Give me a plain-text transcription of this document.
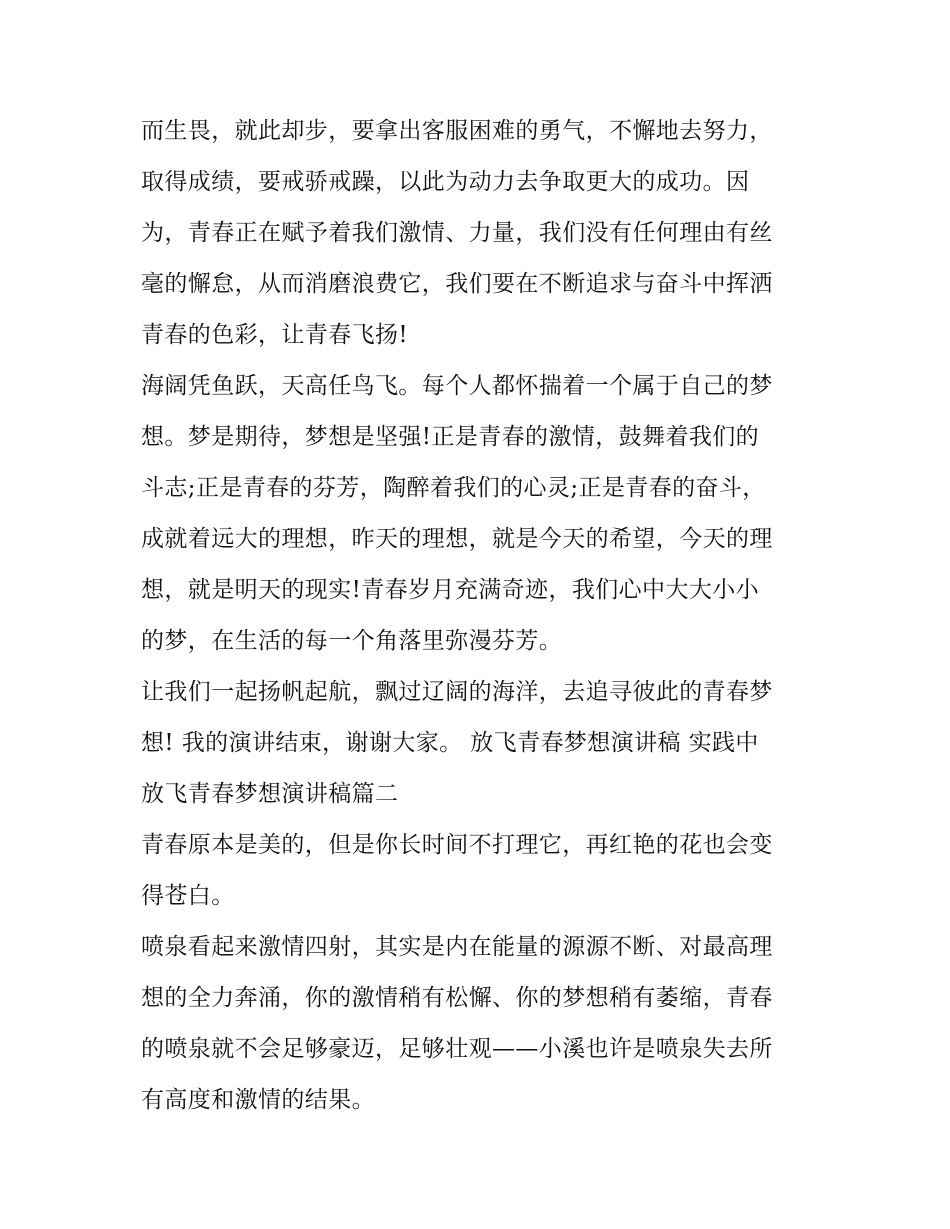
而生畏，就此却步，要拿出客服困难的勇气，不懈地去努力，
取得成绩，要戒骄戒躁，以此为动力去争取更大的成功。因
为，青春正在赋予着我们激情、力量，我们没有任何理由有丝
毫的懈怠，从而消磨浪费它，我们要在不断追求与奋斗中挥洒
青春的色彩，让青春飞扬!
海阔凭鱼跃，天高任鸟飞。每个人都怀揣着一个属于自己的梦
想。梦是期待，梦想是坚强!正是青春的激情，鼓舞着我们的
斗志;正是青春的芬芳，陶醉着我们的心灵;正是青春的奋斗，
成就着远大的理想，昨天的理想，就是今天的希望，今天的理
想，就是明天的现实!青春岁月充满奇迹，我们心中大大小小
的梦，在生活的每一个角落里弥漫芬芳。
让我们一起扬帆起航，飘过辽阔的海洋，去追寻彼此的青春梦
想! 我的演讲结束，谢谢大家。 放飞青春梦想演讲稿 实践中
放飞青春梦想演讲稿篇二
青春原本是美的，但是你长时间不打理它，再红艳的花也会变
得苍白。
喷泉看起来激情四射，其实是内在能量的源源不断、对最高理
想的全力奔涌，你的激情稍有松懈、你的梦想稍有萎缩，青春
的喷泉就不会足够豪迈，足够壮观——小溪也许是喷泉失去所
有高度和激情的结果。
